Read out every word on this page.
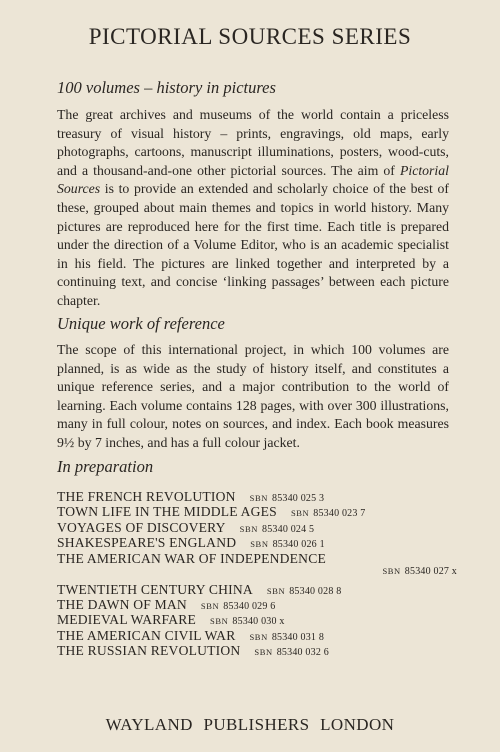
PICTORIAL SOURCES SERIES
100 volumes – history in pictures
The great archives and museums of the world contain a priceless treasury of visual history – prints, engravings, old maps, early photographs, cartoons, manuscript illuminations, posters, wood-cuts, and a thousand-and-one other pictorial sources. The aim of Pictorial Sources is to provide an extended and scholarly choice of the best of these, grouped about main themes and topics in world history. Many pictures are reproduced here for the first time. Each title is prepared under the direction of a Volume Editor, who is an academic specialist in his field. The pictures are linked together and interpreted by a continuing text, and concise ‘linking passages’ between each picture chapter.
Unique work of reference
The scope of this international project, in which 100 volumes are planned, is as wide as the study of history itself, and constitutes a unique reference series, and a major contribution to the world of learning. Each volume contains 128 pages, with over 300 illustrations, many in full colour, notes on sources, and index. Each book measures 9½ by 7 inches, and has a full colour jacket.
In preparation
THE FRENCH REVOLUTION SBN 85340 025 3
TOWN LIFE IN THE MIDDLE AGES SBN 85340 023 7
VOYAGES OF DISCOVERY SBN 85340 024 5
SHAKESPEARE'S ENGLAND SBN 85340 026 1
THE AMERICAN WAR OF INDEPENDENCE
SBN 85340 027 x
TWENTIETH CENTURY CHINA SBN 85340 028 8
THE DAWN OF MAN SBN 85340 029 6
MEDIEVAL WARFARE SBN 85340 030 x
THE AMERICAN CIVIL WAR SBN 85340 031 8
THE RUSSIAN REVOLUTION SBN 85340 032 6
WAYLAND PUBLISHERS LONDON
